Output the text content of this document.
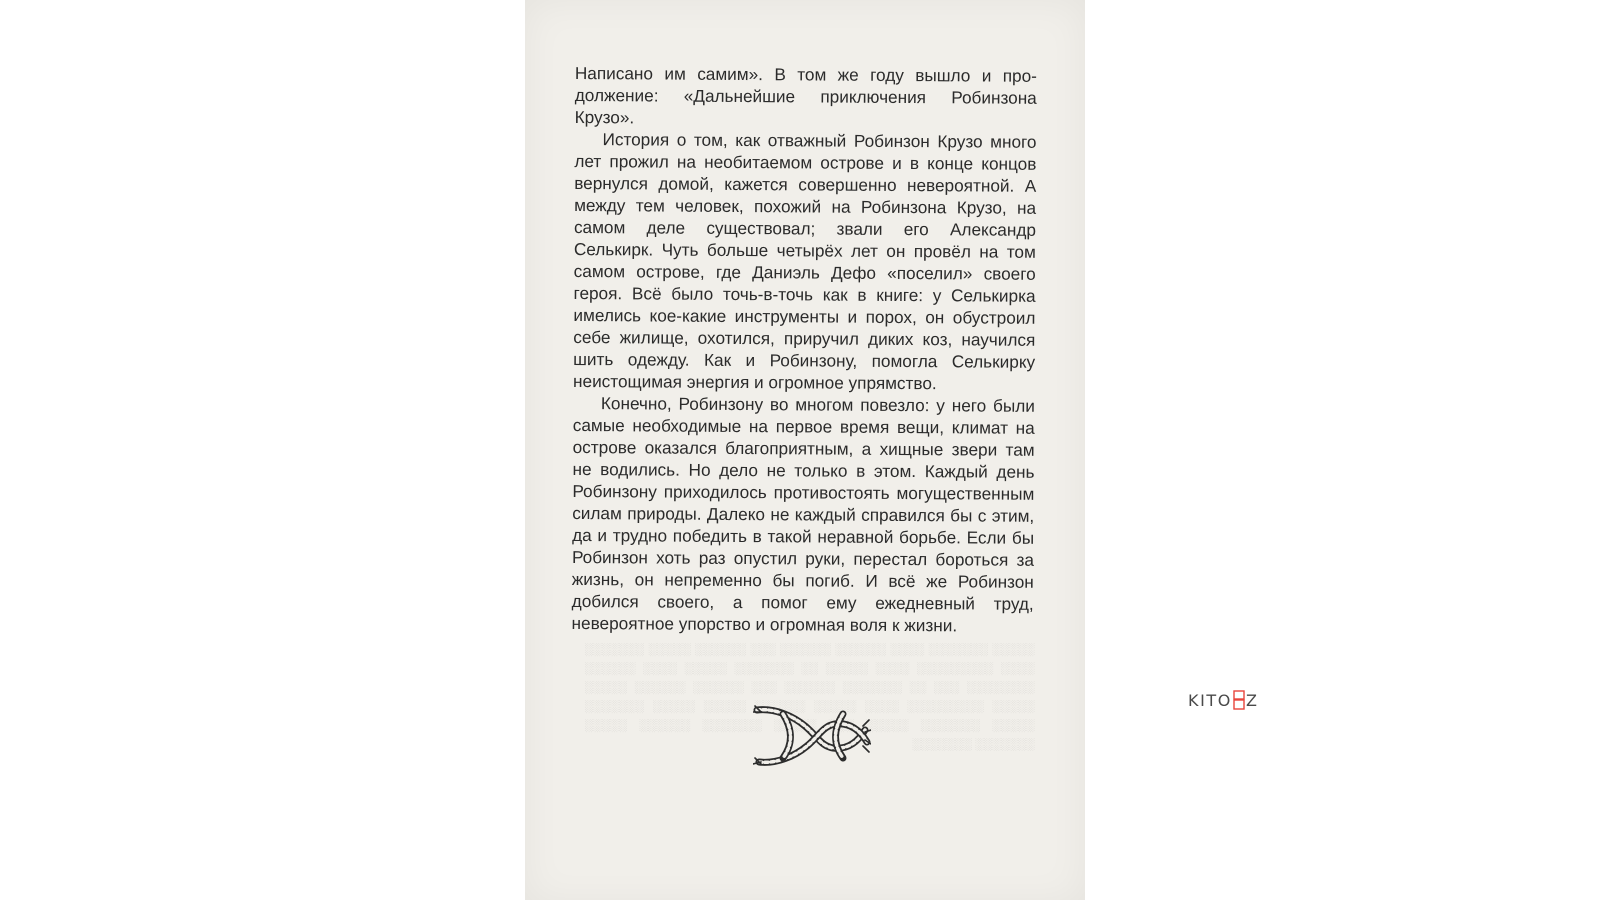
░░░░░ ░░░░░░░ ░░░░ ░░░░░░ ░░░░░░ ░░░ ░░░░░░ ░░░░░ ░░░░░░░ ░░░░ ░░░░░░░░░ ░░░░ ░░░░░ ░░ ░░░░░░░ ░░░░░ ░░░░ ░░░░░░ ░░░░░░░░ ░░░ ░░ ░░░░░░░ ░░░░░░ ░░░ ░░░░░░ ░░░░░░ ░░░░░ ░░░░░ ░░░░░░░░░ ░░░░ ░░░░░ ░░░░░░ ░░░░░ ░░░░░ ░░░░░░░ ░░░░░ ░░░░░░░ ░░░░░ ░░░ ░░░░░ ░░░░░░░ ░░░░░░ ░░░░░ ░░░░░░░ ░░░░░░░

Написано им самим». В том же году вышло и продолжение: «Дальнейшие приключения Робинзона Крузо».

История о том, как отважный Робинзон Крузо много лет прожил на необитаемом острове и в конце концов вернулся домой, кажется совершенно невероятной. А между тем человек, похожий на Робинзона Крузо, на самом деле существовал; звали его Александр Селькирк. Чуть больше четырёх лет он провёл на том самом острове, где Даниэль Дефо «поселил» своего героя. Всё было точь-в-точь как в книге: у Селькирка имелись кое-какие инструменты и порох, он обустроил себе жилище, охотился, приручил диких коз, научился шить одежду. Как и Робинзону, помогла Селькирку неистощимая энергия и огромное упрямство.

Конечно, Робинзону во многом повезло: у него были самые необходимые на первое время вещи, климат на острове оказался благоприятным, а хищные звери там не водились. Но дело не только в этом. Каждый день Робинзону приходилось противостоять могущественным силам природы. Далеко не каждый справился бы с этим, да и трудно победить в такой неравной борьбе. Если бы Робинзон хоть раз опустил руки, перестал бороться за жизнь, он непременно бы погиб. И всё же Робинзон добился своего, а помог ему ежедневный труд, невероятное упорство и огромная воля к жизни.

KITO Z
